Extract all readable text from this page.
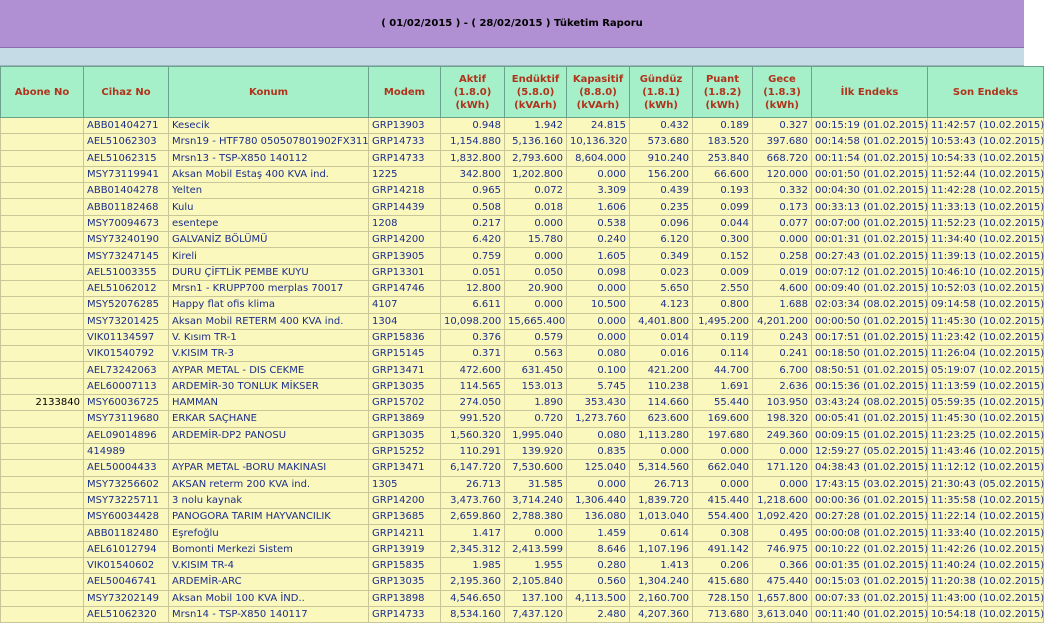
( 01/02/2015 ) - ( 28/02/2015 ) Tüketim Raporu
Abone No	Cihaz No	Konum	Modem	Aktif
(1.8.0)
(kWh)	Endüktif
(5.8.0)
(kVArh)	Kapasitif
(8.8.0)
(kVArh)	Gündüz
(1.8.1)
(kWh)	Puant
(1.8.2)
(kWh)	Gece
(1.8.3)
(kWh)	İlk Endeks	Son Endeks

	ABB01404271	Kesecik	GRP13903	0.948	1.942	24.815	0.432	0.189	0.327	00:15:19 (01.02.2015)	11:42:57 (10.02.2015)
	AEL51062303	Mrsn19 - HTF780 050507801902FX311	GRP14733	1,154.880	5,136.160	10,136.320	573.680	183.520	397.680	00:14:58 (01.02.2015)	10:53:43 (10.02.2015)
	AEL51062315	Mrsn13 - TSP-X850 140112	GRP14733	1,832.800	2,793.600	8,604.000	910.240	253.840	668.720	00:11:54 (01.02.2015)	10:54:33 (10.02.2015)
	MSY73119941	Aksan Mobil Estaş 400 KVA ind.	1225	342.800	1,202.800	0.000	156.200	66.600	120.000	00:01:50 (01.02.2015)	11:52:44 (10.02.2015)
	ABB01404278	Yelten	GRP14218	0.965	0.072	3.309	0.439	0.193	0.332	00:04:30 (01.02.2015)	11:42:28 (10.02.2015)
	ABB01182468	Kulu	GRP14439	0.508	0.018	1.606	0.235	0.099	0.173	00:33:13 (01.02.2015)	11:33:13 (10.02.2015)
	MSY70094673	esentepe	1208	0.217	0.000	0.538	0.096	0.044	0.077	00:07:00 (01.02.2015)	11:52:23 (10.02.2015)
	MSY73240190	GALVANİZ BÖLÜMÜ	GRP14200	6.420	15.780	0.240	6.120	0.300	0.000	00:01:31 (01.02.2015)	11:34:40 (10.02.2015)
	MSY73247145	Kireli	GRP13905	0.759	0.000	1.605	0.349	0.152	0.258	00:27:43 (01.02.2015)	11:39:13 (10.02.2015)
	AEL51003355	DURU ÇİFTLİK PEMBE KUYU	GRP13301	0.051	0.050	0.098	0.023	0.009	0.019	00:07:12 (01.02.2015)	10:46:10 (10.02.2015)
	AEL51062012	Mrsn1 - KRUPP700 merplas 70017	GRP14746	12.800	20.900	0.000	5.650	2.550	4.600	00:09:40 (01.02.2015)	10:52:03 (10.02.2015)
	MSY52076285	Happy flat ofis klima	4107	6.611	0.000	10.500	4.123	0.800	1.688	02:03:34 (08.02.2015)	09:14:58 (10.02.2015)
	MSY73201425	Aksan Mobil RETERM 400 KVA ind.	1304	10,098.200	15,665.400	0.000	4,401.800	1,495.200	4,201.200	00:00:50 (01.02.2015)	11:45:30 (10.02.2015)
	VIK01134597	V. Kısım TR-1	GRP15836	0.376	0.579	0.000	0.014	0.119	0.243	00:17:51 (01.02.2015)	11:23:42 (10.02.2015)
	VIK01540792	V.KISIM TR-3	GRP15145	0.371	0.563	0.080	0.016	0.114	0.241	00:18:50 (01.02.2015)	11:26:04 (10.02.2015)
	AEL73242063	AYPAR METAL - DIS CEKME	GRP13471	472.600	631.450	0.100	421.200	44.700	6.700	08:50:51 (01.02.2015)	05:19:07 (10.02.2015)
	AEL60007113	ARDEMİR-30 TONLUK MİKSER	GRP13035	114.565	153.013	5.745	110.238	1.691	2.636	00:15:36 (01.02.2015)	11:13:59 (10.02.2015)
2133840	MSY60036725	HAMMAN	GRP15702	274.050	1.890	353.430	114.660	55.440	103.950	03:43:24 (08.02.2015)	05:59:35 (10.02.2015)
	MSY73119680	ERKAR SAÇHANE	GRP13869	991.520	0.720	1,273.760	623.600	169.600	198.320	00:05:41 (01.02.2015)	11:45:30 (10.02.2015)
	AEL09014896	ARDEMİR-DP2 PANOSU	GRP13035	1,560.320	1,995.040	0.080	1,113.280	197.680	249.360	00:09:15 (01.02.2015)	11:23:25 (10.02.2015)
	414989		GRP15252	110.291	139.920	0.835	0.000	0.000	0.000	12:59:27 (05.02.2015)	11:43:46 (10.02.2015)
	AEL50004433	AYPAR METAL -BORU MAKINASI	GRP13471	6,147.720	7,530.600	125.040	5,314.560	662.040	171.120	04:38:43 (01.02.2015)	11:12:12 (10.02.2015)
	MSY73256602	AKSAN reterm 200 KVA ind.	1305	26.713	31.585	0.000	26.713	0.000	0.000	17:43:15 (03.02.2015)	21:30:43 (05.02.2015)
	MSY73225711	3 nolu kaynak	GRP14200	3,473.760	3,714.240	1,306.440	1,839.720	415.440	1,218.600	00:00:36 (01.02.2015)	11:35:58 (10.02.2015)
	MSY60034428	PANOGORA TARIM HAYVANCILIK	GRP13685	2,659.860	2,788.380	136.080	1,013.040	554.400	1,092.420	00:27:28 (01.02.2015)	11:22:14 (10.02.2015)
	ABB01182480	Eşrefoğlu	GRP14211	1.417	0.000	1.459	0.614	0.308	0.495	00:00:08 (01.02.2015)	11:33:40 (10.02.2015)
	AEL61012794	Bomonti Merkezi Sistem	GRP13919	2,345.312	2,413.599	8.646	1,107.196	491.142	746.975	00:10:22 (01.02.2015)	11:42:26 (10.02.2015)
	VIK01540602	V.KISIM TR-4	GRP15835	1.985	1.955	0.280	1.413	0.206	0.366	00:01:35 (01.02.2015)	11:40:24 (10.02.2015)
	AEL50046741	ARDEMİR-ARC	GRP13035	2,195.360	2,105.840	0.560	1,304.240	415.680	475.440	00:15:03 (01.02.2015)	11:20:38 (10.02.2015)
	MSY73202149	Aksan Mobil 100 KVA İND..	GRP13898	4,546.650	137.100	4,113.500	2,160.700	728.150	1,657.800	00:07:33 (01.02.2015)	11:43:00 (10.02.2015)
	AEL51062320	Mrsn14 - TSP-X850 140117	GRP14733	8,534.160	7,437.120	2.480	4,207.360	713.680	3,613.040	00:11:40 (01.02.2015)	10:54:18 (10.02.2015)
